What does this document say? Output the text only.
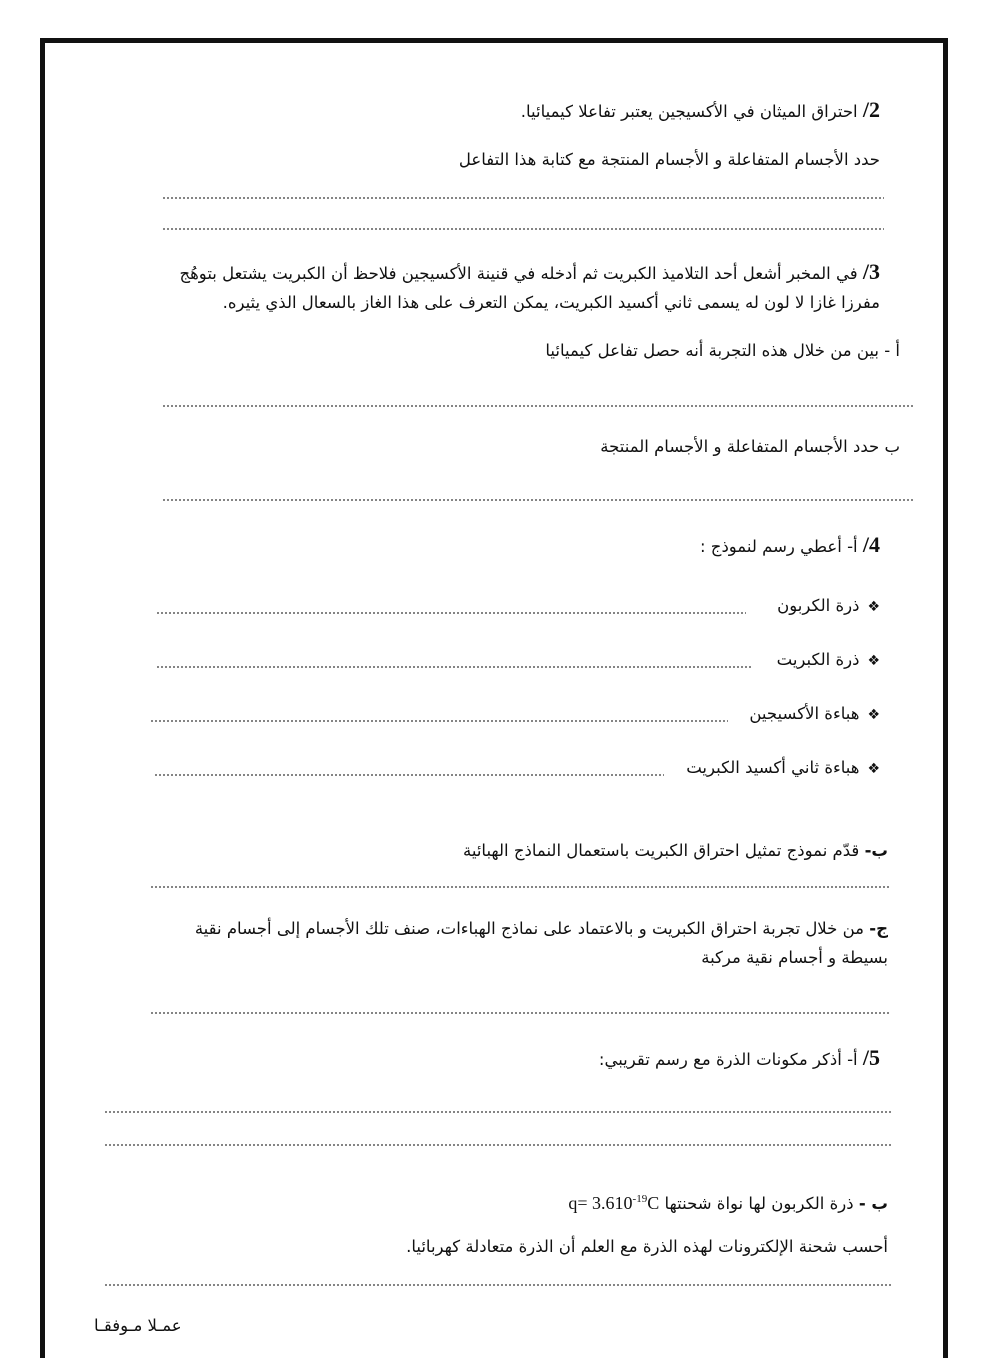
2/ احتراق الميثان في الأكسيجين يعتبر تفاعلا كيميائيا.
حدد الأجسام المتفاعلة و الأجسام المنتجة مع كتابة هذا التفاعل
3/ في المخبر أشعل أحد التلاميذ الكبريت ثم أدخله في قنينة الأكسيجين فلاحظ أن الكبريت يشتعل بتوهُج
مفرزا غازا لا لون له يسمى ثاني أكسيد الكبريت، يمكن التعرف على هذا الغاز بالسعال الذي يثيره.
أ - بين من خلال هذه التجربة أنه حصل تفاعل كيميائيا
ب حدد الأجسام المتفاعلة و الأجسام المنتجة
4/ أ- أعطي رسم لنموذج :
❖ذرة الكربون
❖ذرة الكبريت
❖هباءة الأكسيجين
❖هباءة ثاني أكسيد الكبريت
ب- قدّم نموذج تمثيل احتراق الكبريت باستعمال النماذج الهبائية
ج- من خلال تجربة احتراق الكبريت و بالاعتماد على نماذج الهباءات، صنف تلك الأجسام إلى أجسام نقية
بسيطة و أجسام نقية مركبة
5/ أ- أذكر مكونات الذرة مع رسم تقريبي:
ب - ذرة الكربون لها نواة شحنتها $q= 3.610^{-19}C$
أحسب شحنة الإلكترونات لهذه الذرة مع العلم أن الذرة متعادلة كهربائيا.
عمـلا مـوفقـا
